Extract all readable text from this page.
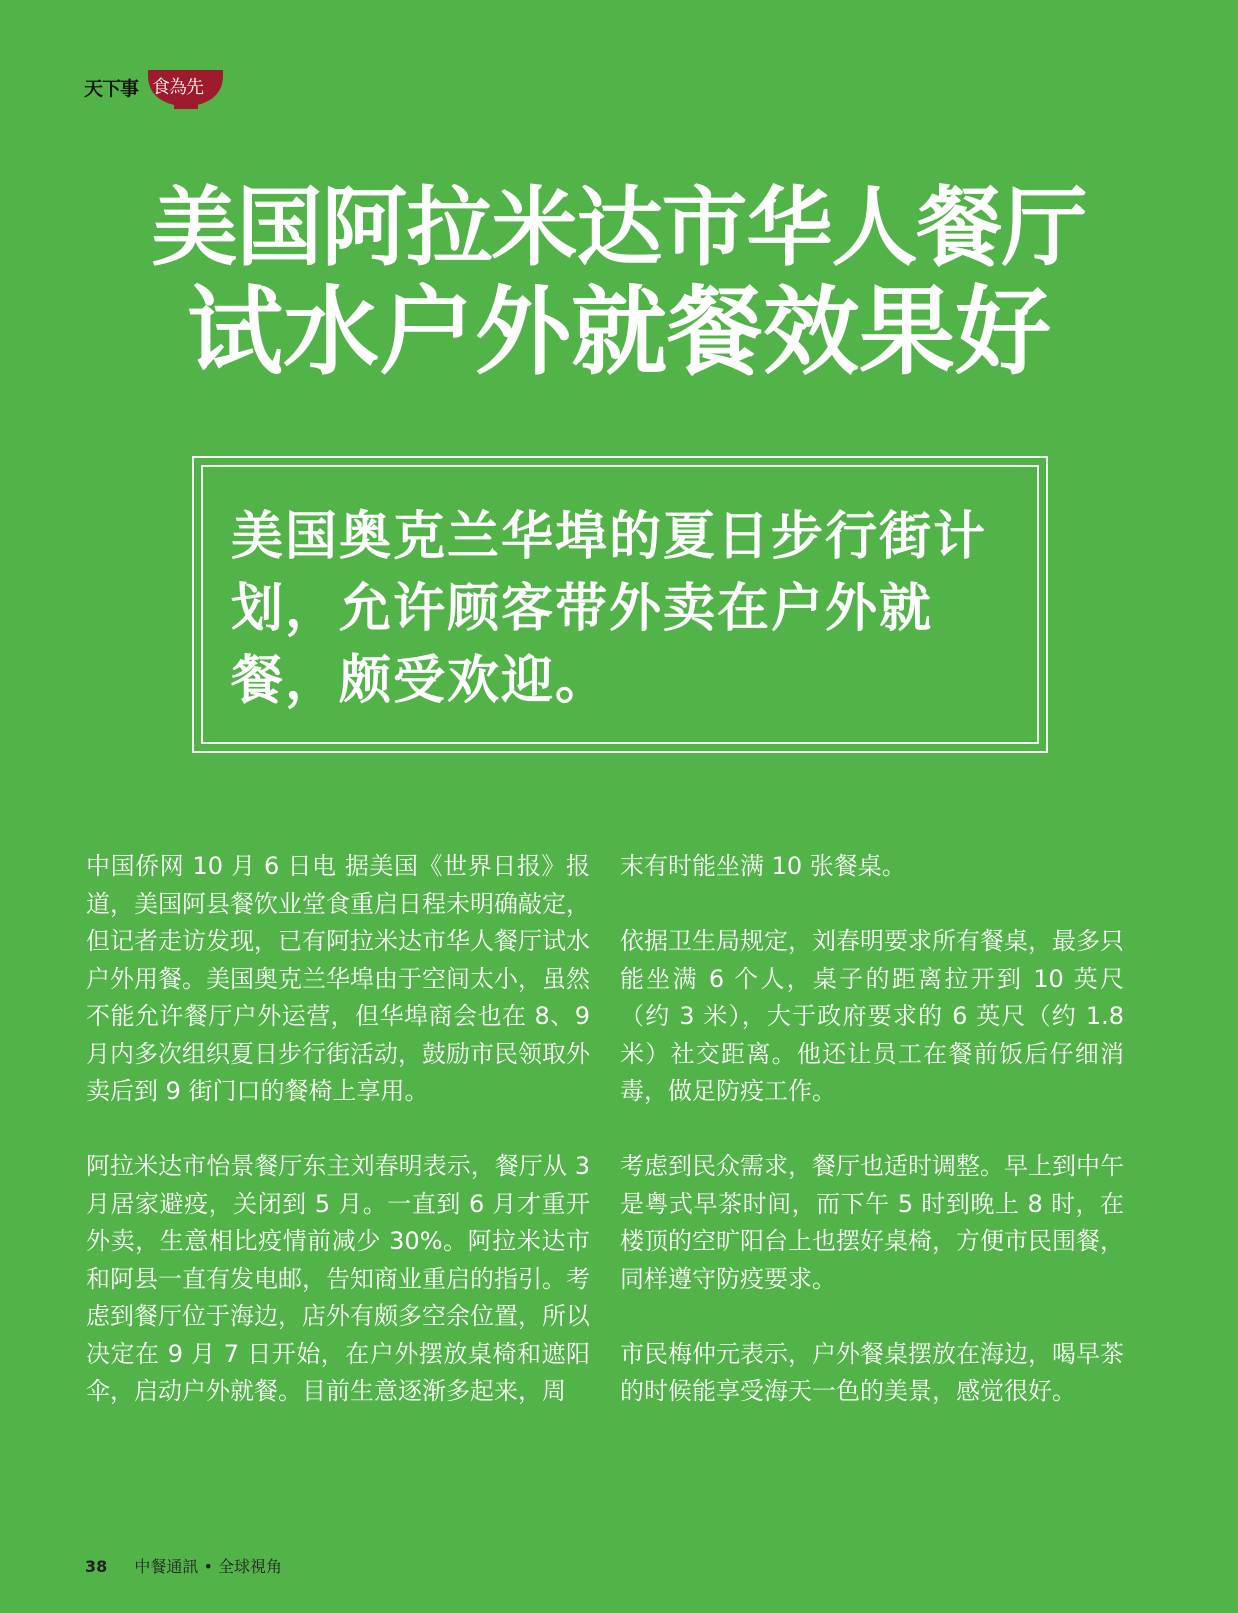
天下事 食為先
美国阿拉米达市华人餐厅
试水户外就餐效果好
美国奥克兰华埠的夏日步行街计划，允许顾客带外卖在户外就餐，颇受欢迎。

中国侨网 10 月 6 日电 据美国《世界日报》报道，美国阿县餐饮业堂食重启日程未明确敲定，但记者走访发现，已有阿拉米达市华人餐厅试水户外用餐。美国奥克兰华埠由于空间太小，虽然不能允许餐厅户外运营，但华埠商会也在 8、9 月内多次组织夏日步行街活动，鼓励市民领取外卖后到 9 街门口的餐椅上享用。

阿拉米达市怡景餐厅东主刘春明表示，餐厅从 3 月居家避疫，关闭到 5 月。一直到 6 月才重开外卖，生意相比疫情前减少 30%。阿拉米达市和阿县一直有发电邮，告知商业重启的指引。考虑到餐厅位于海边，店外有颇多空余位置，所以决定在 9 月 7 日开始，在户外摆放桌椅和遮阳伞，启动户外就餐。目前生意逐渐多起来，周

末有时能坐满 10 张餐桌。

依据卫生局规定，刘春明要求所有餐桌，最多只能坐满 6 个人，桌子的距离拉开到 10 英尺（约 3 米），大于政府要求的 6 英尺（约 1.8 米）社交距离。他还让员工在餐前饭后仔细消毒，做足防疫工作。

考虑到民众需求，餐厅也适时调整。早上到中午是粤式早茶时间，而下午 5 时到晚上 8 时，在楼顶的空旷阳台上也摆好桌椅，方便市民围餐，同样遵守防疫要求。

市民梅仲元表示，户外餐桌摆放在海边，喝早茶的时候能享受海天一色的美景，感觉很好。

38 中餐通訊 • 全球視角
